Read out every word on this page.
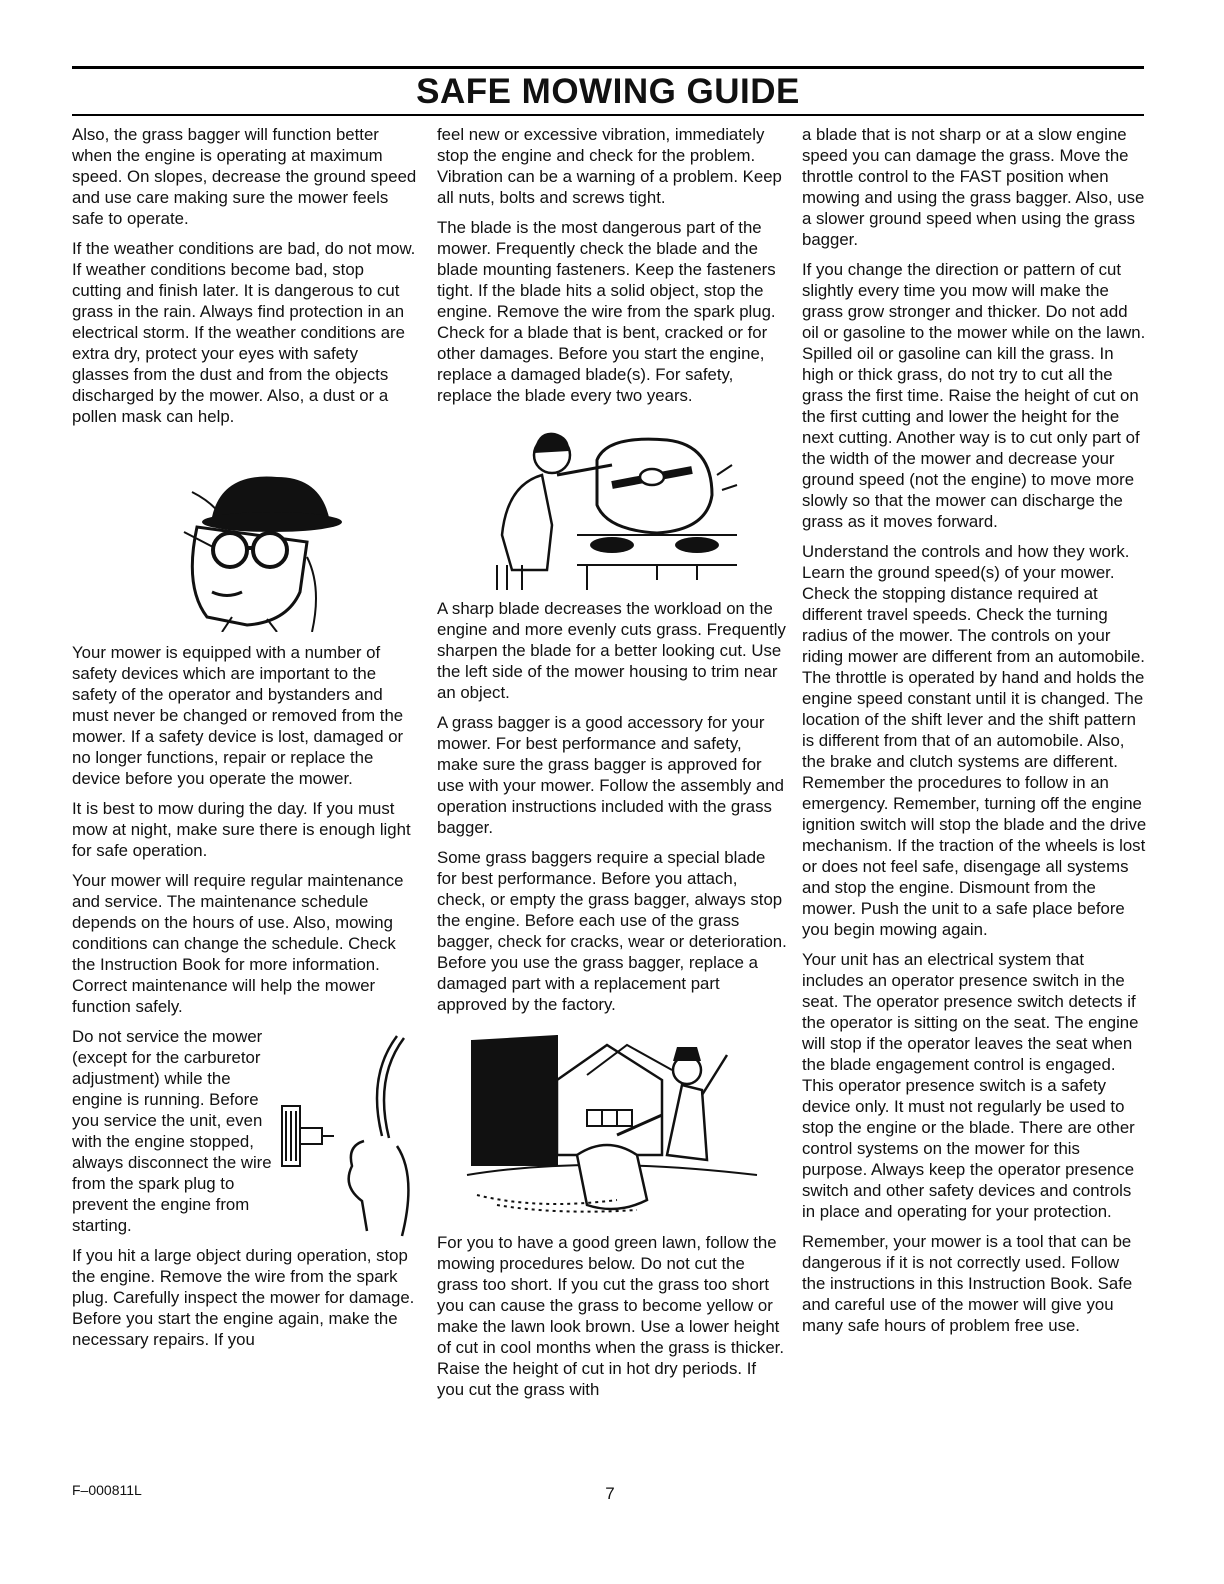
SAFE MOWING GUIDE

Also, the grass bagger will function better when the engine is operating at maximum speed. On slopes, decrease the ground speed and use care making sure the mower feels safe to operate.

If the weather conditions are bad, do not mow. If weather conditions become bad, stop cutting and finish later. It is dangerous to cut grass in the rain. Always find protection in an electrical storm. If the weather conditions are extra dry, protect your eyes with safety glasses from the dust and from the objects discharged by the mower. Also, a dust or a pollen mask can help.

Your mower is equipped with a number of safety devices which are important to the safety of the operator and bystanders and must never be changed or removed from the mower. If a safety device is lost, damaged or no longer functions, repair or replace the device before you operate the mower.

It is best to mow during the day. If you must mow at night, make sure there is enough light for safe operation.

Your mower will require regular maintenance and service. The maintenance schedule depends on the hours of use. Also, mowing conditions can change the schedule. Check the Instruction Book for more information. Correct maintenance will help the mower function safely.

Do not service the mower (except for the carburetor adjustment) while the engine is running. Before you service the unit, even with the engine stopped, always disconnect the wire from the spark plug to prevent the engine from starting.

If you hit a large object during operation, stop the engine. Remove the wire from the spark plug. Carefully inspect the mower for damage. Before you start the engine again, make the necessary repairs. If you

feel new or excessive vibration, immediately stop the engine and check for the problem. Vibration can be a warning of a problem. Keep all nuts, bolts and screws tight.

The blade is the most dangerous part of the mower. Frequently check the blade and the blade mounting fasteners. Keep the fasteners tight. If the blade hits a solid object, stop the engine. Remove the wire from the spark plug. Check for a blade that is bent, cracked or for other damages. Before you start the engine, replace a damaged blade(s). For safety, replace the blade every two years.

A sharp blade decreases the workload on the engine and more evenly cuts grass. Frequently sharpen the blade for a better looking cut. Use the left side of the mower housing to trim near an object.

A grass bagger is a good accessory for your mower. For best performance and safety, make sure the grass bagger is approved for use with your mower. Follow the assembly and operation instructions included with the grass bagger.

Some grass baggers require a special blade for best performance. Before you attach, check, or empty the grass bagger, always stop the engine. Before each use of the grass bagger, check for cracks, wear or deterioration. Before you use the grass bagger, replace a damaged part with a replacement part approved by the factory.

For you to have a good green lawn, follow the mowing procedures below. Do not cut the grass too short. If you cut the grass too short you can cause the grass to become yellow or make the lawn look brown. Use a lower height of cut in cool months when the grass is thicker. Raise the height of cut in hot dry periods. If you cut the grass with

a blade that is not sharp or at a slow engine speed you can damage the grass. Move the throttle control to the FAST position when mowing and using the grass bagger. Also, use a slower ground speed when using the grass bagger.

If you change the direction or pattern of cut slightly every time you mow will make the grass grow stronger and thicker. Do not add oil or gasoline to the mower while on the lawn. Spilled oil or gasoline can kill the grass. In high or thick grass, do not try to cut all the grass the first time. Raise the height of cut on the first cutting and lower the height for the next cutting. Another way is to cut only part of the width of the mower and decrease your ground speed (not the engine) to move more slowly so that the mower can discharge the grass as it moves forward.

Understand the controls and how they work. Learn the ground speed(s) of your mower. Check the stopping distance required at different travel speeds. Check the turning radius of the mower. The controls on your riding mower are different from an automobile. The throttle is operated by hand and holds the engine speed constant until it is changed. The location of the shift lever and the shift pattern is different from that of an automobile. Also, the brake and clutch systems are different. Remember the procedures to follow in an emergency. Remember, turning off the engine ignition switch will stop the blade and the drive mechanism. If the traction of the wheels is lost or does not feel safe, disengage all systems and stop the engine. Dismount from the mower. Push the unit to a safe place before you begin mowing again.

Your unit has an electrical system that includes an operator presence switch in the seat. The operator presence switch detects if the operator is sitting on the seat. The engine will stop if the operator leaves the seat when the blade engagement control is engaged. This operator presence switch is a safety device only. It must not regularly be used to stop the engine or the blade. There are other control systems on the mower for this purpose. Always keep the operator presence switch and other safety devices and controls in place and operating for your protection.

Remember, your mower is a tool that can be dangerous if it is not correctly used. Follow the instructions in this Instruction Book. Safe and careful use of the mower will give you many safe hours of problem free use.

F–000811L	7
